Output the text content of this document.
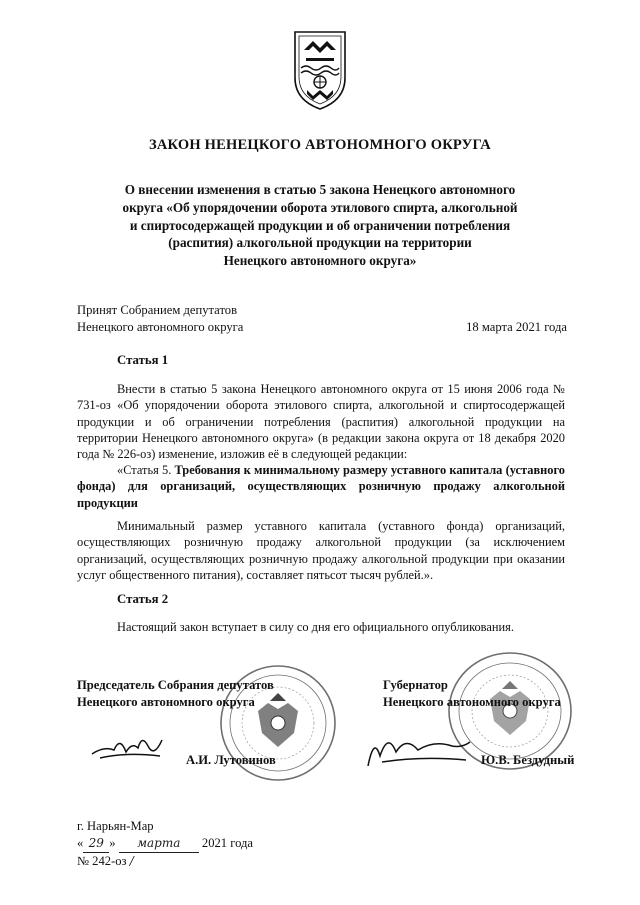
ЗАКОН НЕНЕЦКОГО АВТОНОМНОГО ОКРУГА
О внесении изменения в статью 5 закона Ненецкого автономного
округа «Об упорядочении оборота этилового спирта, алкогольной
и спиртосодержащей продукции и об ограничении потребления
(распития) алкогольной продукции на территории
Ненецкого автономного округа»
Принят Собранием депутатов
Ненецкого автономного округа	18 марта 2021 года
Статья 1

Внести в статью 5 закона Ненецкого автономного округа от 15 июня 2006 года № 731-оз «Об упорядочении оборота этилового спирта, алкогольной и спиртосодержащей продукции и об ограничении потребления (распития) алкогольной продукции на территории Ненецкого автономного округа» (в редакции закона округа от 18 декабря 2020 года № 226-оз) изменение, изложив её в следующей редакции:

«Статья 5. Требования к минимальному размеру уставного капитала (уставного фонда) для организаций, осуществляющих розничную продажу алкогольной продукции

Минимальный размер уставного капитала (уставного фонда) организаций, осуществляющих розничную продажу алкогольной продукции (за исключением организаций, осуществляющих розничную продажу алкогольной продукции при оказании услуг общественного питания), составляет пятьсот тысяч рублей.».

Статья 2

Настоящий закон вступает в силу со дня его официального опубликования.

Председатель Собрания депутатов
Ненецкого автономного округа
Губернатор
Ненецкого автономного округа
А.И. Лутовинов	Ю.В. Бездудный
г. Нарьян-Мар
« 29 » марта 2021 года
№ 242-оз /
